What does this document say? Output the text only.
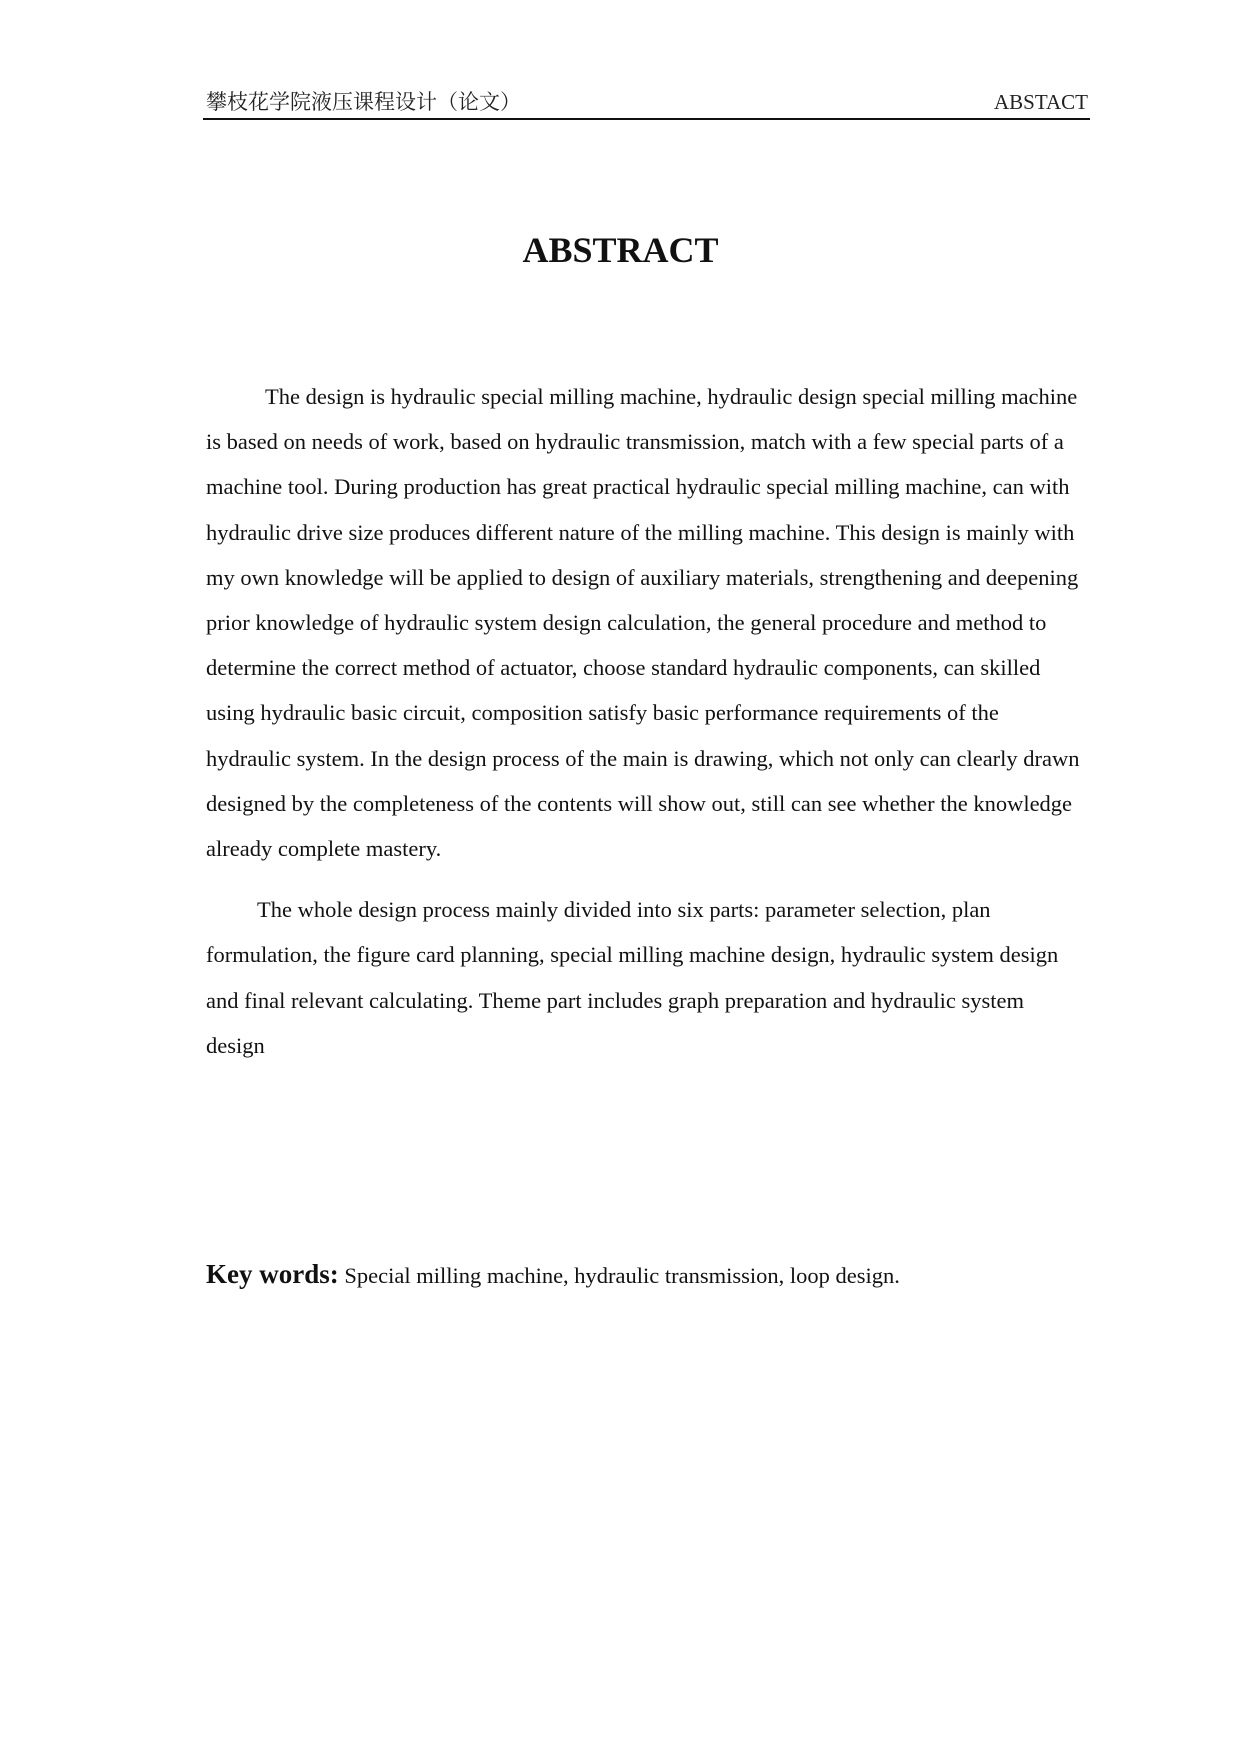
攀枝花学院液压课程设计（论文）	ABSTACT
ABSTRACT

The design is hydraulic special milling machine, hydraulic design special milling machine is based on needs of work, based on hydraulic transmission, match with a few special parts of a machine tool. During production has great practical hydraulic special milling machine, can with hydraulic drive size produces different nature of the milling machine. This design is mainly with my own knowledge will be applied to design of auxiliary materials, strengthening and deepening prior knowledge of hydraulic system design calculation, the general procedure and method to determine the correct method of actuator, choose standard hydraulic components, can skilled using hydraulic basic circuit, composition satisfy basic performance requirements of the hydraulic system. In the design process of the main is drawing, which not only can clearly drawn designed by the completeness of the contents will show out, still can see whether the knowledge already complete mastery.

The whole design process mainly divided into six parts: parameter selection, plan formulation, the figure card planning, special milling machine design, hydraulic system design and final relevant calculating. Theme part includes graph preparation and hydraulic system design

Key words: Special milling machine, hydraulic transmission, loop design.
